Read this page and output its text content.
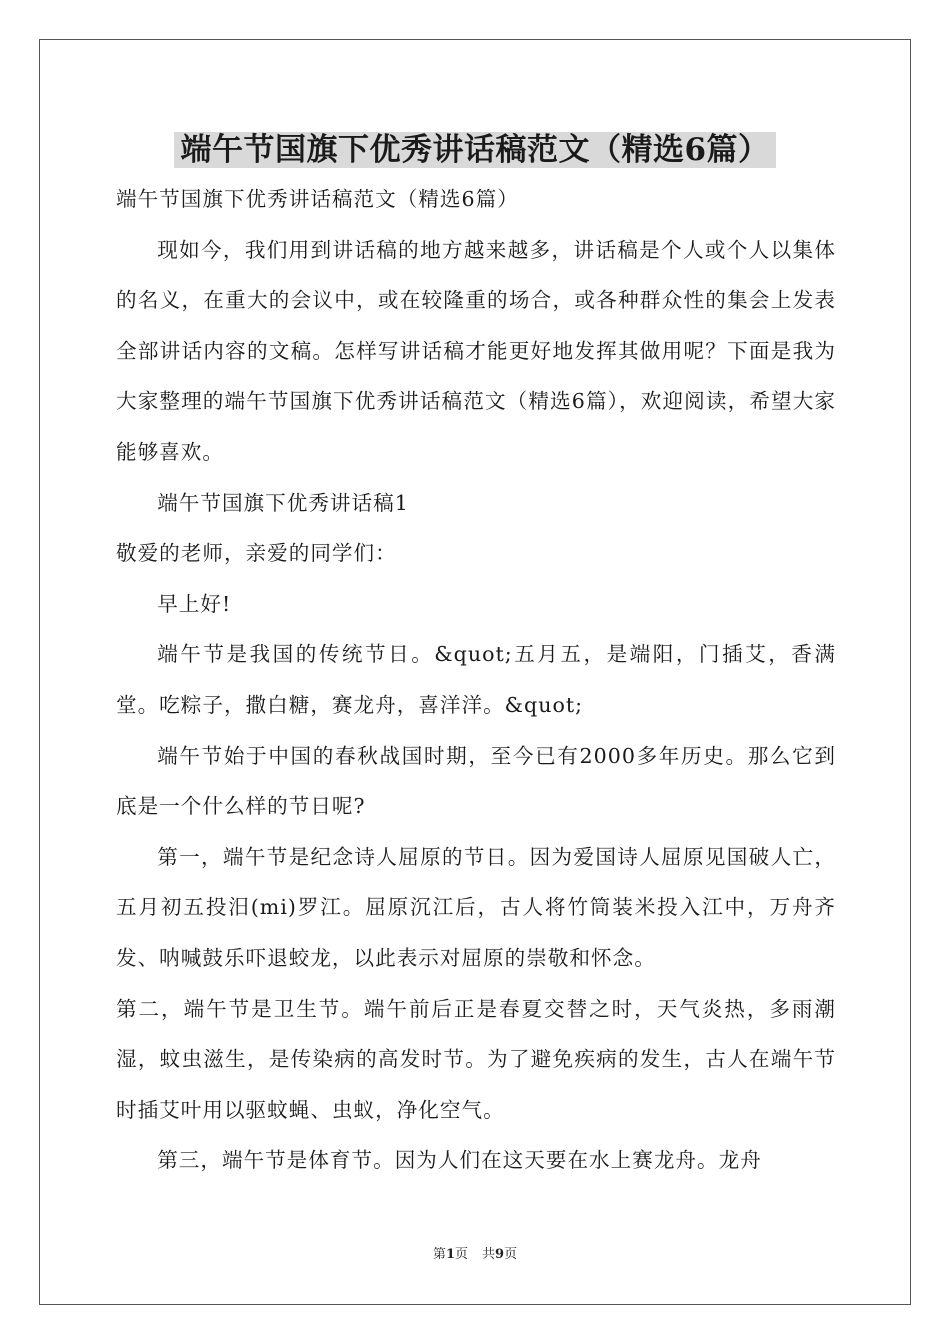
端午节国旗下优秀讲话稿范文（精选6篇）

端午节国旗下优秀讲话稿范文（精选6篇）

现如今，我们用到讲话稿的地方越来越多，讲话稿是个人或个人以集体的名义，在重大的会议中，或在较隆重的场合，或各种群众性的集会上发表全部讲话内容的文稿。怎样写讲话稿才能更好地发挥其做用呢？下面是我为大家整理的端午节国旗下优秀讲话稿范文（精选6篇），欢迎阅读，希望大家能够喜欢。

端午节国旗下优秀讲话稿1

敬爱的老师，亲爱的同学们：

早上好!

端午节是我国的传统节日。&quot;五月五，是端阳，门插艾，香满堂。吃粽子，撒白糖，赛龙舟，喜洋洋。&quot;

端午节始于中国的春秋战国时期，至今已有2000多年历史。那么它到底是一个什么样的节日呢?

第一，端午节是纪念诗人屈原的节日。因为爱国诗人屈原见国破人亡，五月初五投汨(mi)罗江。屈原沉江后，古人将竹筒装米投入江中，万舟齐发、呐喊鼓乐吓退蛟龙，以此表示对屈原的崇敬和怀念。

第二，端午节是卫生节。端午前后正是春夏交替之时，天气炎热，多雨潮湿，蚊虫滋生，是传染病的高发时节。为了避免疾病的发生，古人在端午节时插艾叶用以驱蚊蝇、虫蚁，净化空气。

第三，端午节是体育节。因为人们在这天要在水上赛龙舟。龙舟

第1页 共9页
